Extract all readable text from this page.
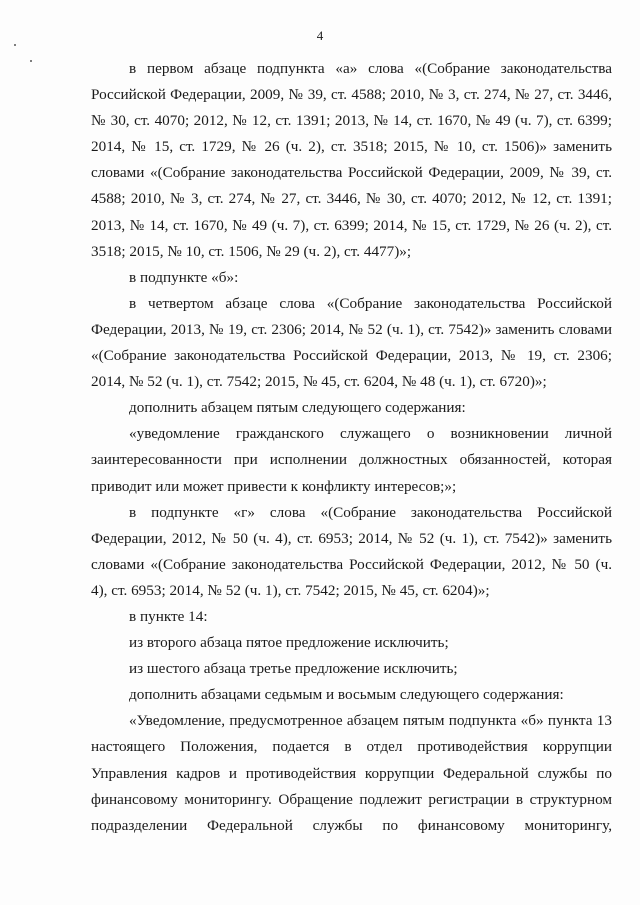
4

в первом абзаце подпункта «а» слова «(Собрание законодательства Российской Федерации, 2009, № 39, ст. 4588; 2010, № 3, ст. 274, № 27, ст. 3446, № 30, ст. 4070; 2012, № 12, ст. 1391; 2013, № 14, ст. 1670, № 49 (ч. 7), ст. 6399; 2014, № 15, ст. 1729, № 26 (ч. 2), ст. 3518; 2015, № 10, ст. 1506)» заменить словами «(Собрание законодательства Российской Федерации, 2009, № 39, ст. 4588; 2010, № 3, ст. 274, № 27, ст. 3446, № 30, ст. 4070; 2012, № 12, ст. 1391; 2013, № 14, ст. 1670, № 49 (ч. 7), ст. 6399; 2014, № 15, ст. 1729, № 26 (ч. 2), ст. 3518; 2015, № 10, ст. 1506, № 29 (ч. 2), ст. 4477)»;

в подпункте «б»:

в четвертом абзаце слова «(Собрание законодательства Российской Федерации, 2013, № 19, ст. 2306; 2014, № 52 (ч. 1), ст. 7542)» заменить словами «(Собрание законодательства Российской Федерации, 2013, № 19, ст. 2306; 2014, № 52 (ч. 1), ст. 7542; 2015, № 45, ст. 6204, № 48 (ч. 1), ст. 6720)»;

дополнить абзацем пятым следующего содержания:

«уведомление гражданского служащего о возникновении личной заинтересованности при исполнении должностных обязанностей, которая приводит или может привести к конфликту интересов;»;

в подпункте «г» слова «(Собрание законодательства Российской Федерации, 2012, № 50 (ч. 4), ст. 6953; 2014, № 52 (ч. 1), ст. 7542)» заменить словами «(Собрание законодательства Российской Федерации, 2012, № 50 (ч. 4), ст. 6953; 2014, № 52 (ч. 1), ст. 7542; 2015, № 45, ст. 6204)»;

в пункте 14:

из второго абзаца пятое предложение исключить;

из шестого абзаца третье предложение исключить;

дополнить абзацами седьмым и восьмым следующего содержания:

«Уведомление, предусмотренное абзацем пятым подпункта «б» пункта 13 настоящего Положения, подается в отдел противодействия коррупции Управления кадров и противодействия коррупции Федеральной службы по финансовому мониторингу. Обращение подлежит регистрации в структурном подразделении Федеральной службы по финансовому мониторингу,
